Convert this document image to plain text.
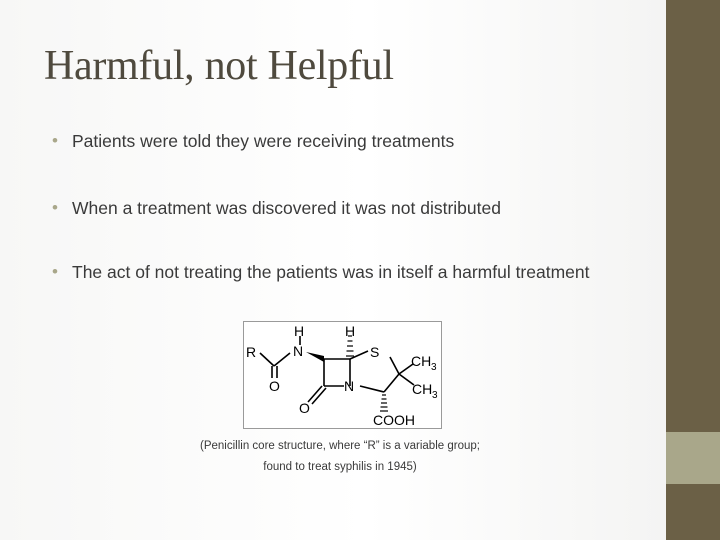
Harmful, not Helpful
• Patients were told they were receiving treatments
• When a treatment was discovered it was not distributed
• The act of not treating the patients was in itself a harmful treatment
R
H
N
H
S
CH 3
CH 3
N
O
O
COOH
(Penicillin core structure, where “R” is a variable group;
found to treat syphilis in 1945)
